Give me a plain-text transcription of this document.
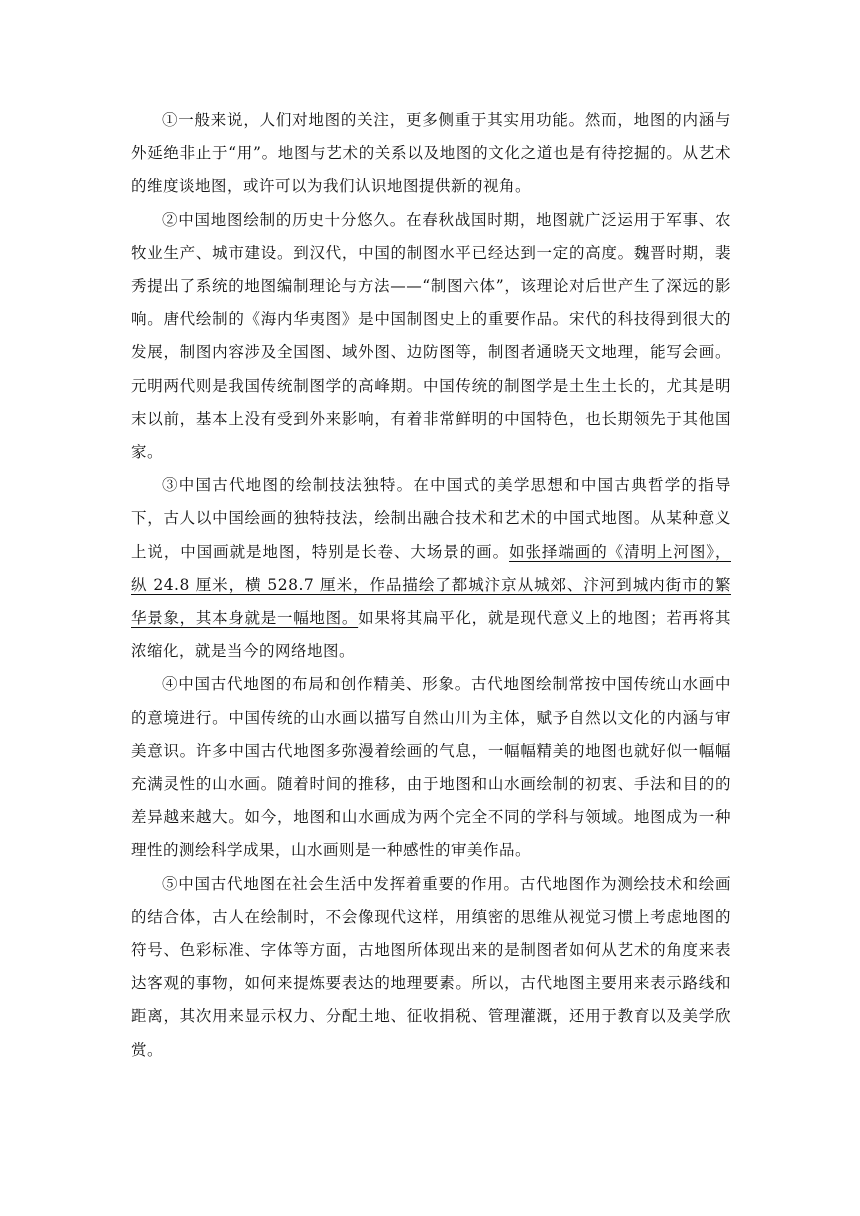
①一般来说，人们对地图的关注，更多侧重于其实用功能。然而，地图的内涵与外延绝非止于“用”。地图与艺术的关系以及地图的文化之道也是有待挖掘的。从艺术的维度谈地图，或许可以为我们认识地图提供新的视角。

②中国地图绘制的历史十分悠久。在春秋战国时期，地图就广泛运用于军事、农牧业生产、城市建设。到汉代，中国的制图水平已经达到一定的高度。魏晋时期，裴秀提出了系统的地图编制理论与方法——“制图六体”，该理论对后世产生了深远的影响。唐代绘制的《海内华夷图》是中国制图史上的重要作品。宋代的科技得到很大的发展，制图内容涉及全国图、域外图、边防图等，制图者通晓天文地理，能写会画。元明两代则是我国传统制图学的高峰期。中国传统的制图学是土生土长的，尤其是明末以前，基本上没有受到外来影响，有着非常鲜明的中国特色，也长期领先于其他国家。

③中国古代地图的绘制技法独特。在中国式的美学思想和中国古典哲学的指导下，古人以中国绘画的独特技法，绘制出融合技术和艺术的中国式地图。从某种意义上说，中国画就是地图，特别是长卷、大场景的画。如张择端画的《清明上河图》，纵 24.8 厘米，横 528.7 厘米，作品描绘了都城汴京从城郊、汴河到城内街市的繁华景象，其本身就是一幅地图。如果将其扁平化，就是现代意义上的地图；若再将其浓缩化，就是当今的网络地图。

④中国古代地图的布局和创作精美、形象。古代地图绘制常按中国传统山水画中的意境进行。中国传统的山水画以描写自然山川为主体，赋予自然以文化的内涵与审美意识。许多中国古代地图多弥漫着绘画的气息，一幅幅精美的地图也就好似一幅幅充满灵性的山水画。随着时间的推移，由于地图和山水画绘制的初衷、手法和目的的差异越来越大。如今，地图和山水画成为两个完全不同的学科与领域。地图成为一种理性的测绘科学成果，山水画则是一种感性的审美作品。

⑤中国古代地图在社会生活中发挥着重要的作用。古代地图作为测绘技术和绘画的结合体，古人在绘制时，不会像现代这样，用缜密的思维从视觉习惯上考虑地图的符号、色彩标准、字体等方面，古地图所体现出来的是制图者如何从艺术的角度来表达客观的事物，如何来提炼要表达的地理要素。所以，古代地图主要用来表示路线和距离，其次用来显示权力、分配土地、征收捐税、管理灌溉，还用于教育以及美学欣赏。
